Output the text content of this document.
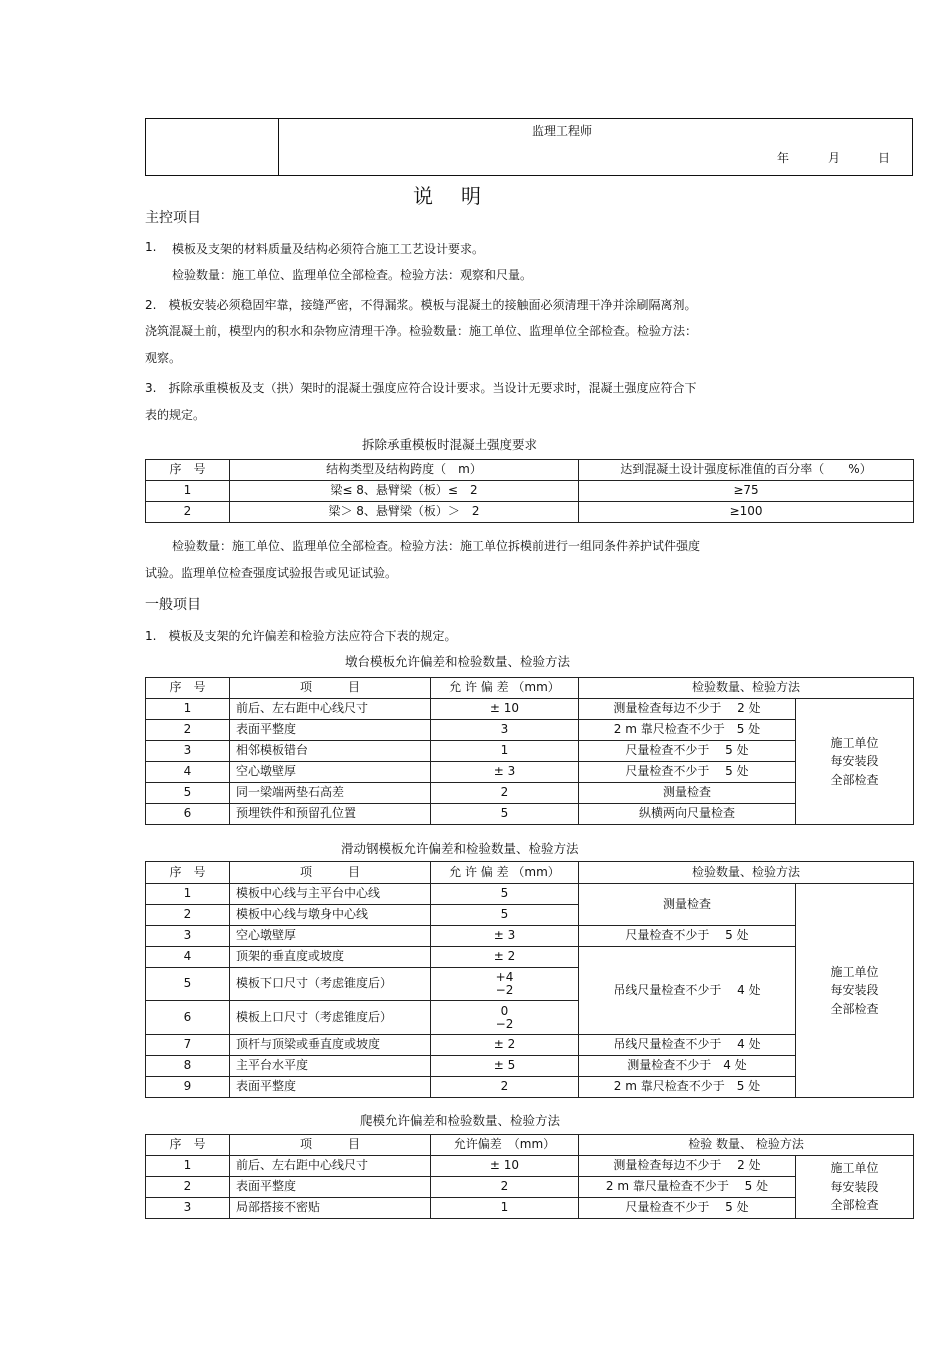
监理工程师
年	月	日
说　明
主控项目
1. 模板及支架的材料质量及结构必须符合施工工艺设计要求。
检验数量：施工单位、监理单位全部检查。检验方法：观察和尺量。
2.　模板安装必须稳固牢靠，接缝严密，不得漏浆。模板与混凝土的接触面必须清理干净并涂刷隔离剂。
浇筑混凝土前，模型内的积水和杂物应清理干净。检验数量：施工单位、监理单位全部检查。检验方法：
观察。
3.　拆除承重模板及支（拱）架时的混凝土强度应符合设计要求。当设计无要求时，混凝土强度应符合下
表的规定。
拆除承重模板时混凝土强度要求
序　号	结构类型及结构跨度（　m）	达到混凝土设计强度标准值的百分率（　　%）
1	梁≤ 8、悬臂梁（板）≤　2	≥75
2	梁＞ 8、悬臂梁（板）＞　2	≥100
检验数量：施工单位、监理单位全部检查。检验方法：施工单位拆模前进行一组同条件养护试件强度
试验。监理单位检查强度试验报告或见证试验。
一般项目
1.　模板及支架的允许偏差和检验方法应符合下表的规定。
墩台模板允许偏差和检验数量、检验方法
序　号	项　　　目	允 许 偏 差 （mm）	检验数量、检验方法	
1	前后、左右距中心线尺寸	± 10	测量检查每边不少于　 2 处	施工单位
每安装段
全部检查
2	表面平整度	3	2 m 靠尺检查不少于　5 处	
3	相邻模板错台	1	尺量检查不少于　 5 处	
4	空心墩壁厚	± 3	尺量检查不少于　 5 处	
5	同一梁端两垫石高差	2	测量检查	
6	预埋铁件和预留孔位置	5	纵横两向尺量检查	
滑动钢模板允许偏差和检验数量、检验方法
序　号	项　　　目	允 许 偏 差 （mm）	检验数量、检验方法	
1	模板中心线与主平台中心线	5	测量检查	施工单位
每安装段
全部检查
2	模板中心线与墩身中心线	5		
3	空心墩壁厚	± 3	尺量检查不少于　 5 处	
4	顶架的垂直度或坡度	± 2	吊线尺量检查不少于　 4 处	
5	模板下口尺寸（考虑锥度后）	+4
−2		
6	模板上口尺寸（考虑锥度后）	0
−2		
7	顶杆与顶梁或垂直度或坡度	± 2	吊线尺量检查不少于　 4 处	
8	主平台水平度	± 5	测量检查不少于　4 处	
9	表面平整度	2	2 m 靠尺检查不少于　5 处	
爬模允许偏差和检验数量、检验方法
序　号	项　　　目	允许偏差　（mm）	检验 数量、 检验方法	
1	前后、左右距中心线尺寸	± 10	测量检查每边不少于　 2 处	施工单位
每安装段
全部检查
2	表面平整度	2	2 m 靠尺量检查不少于　 5 处	
3	局部搭接不密贴	1	尺量检查不少于　 5 处	
